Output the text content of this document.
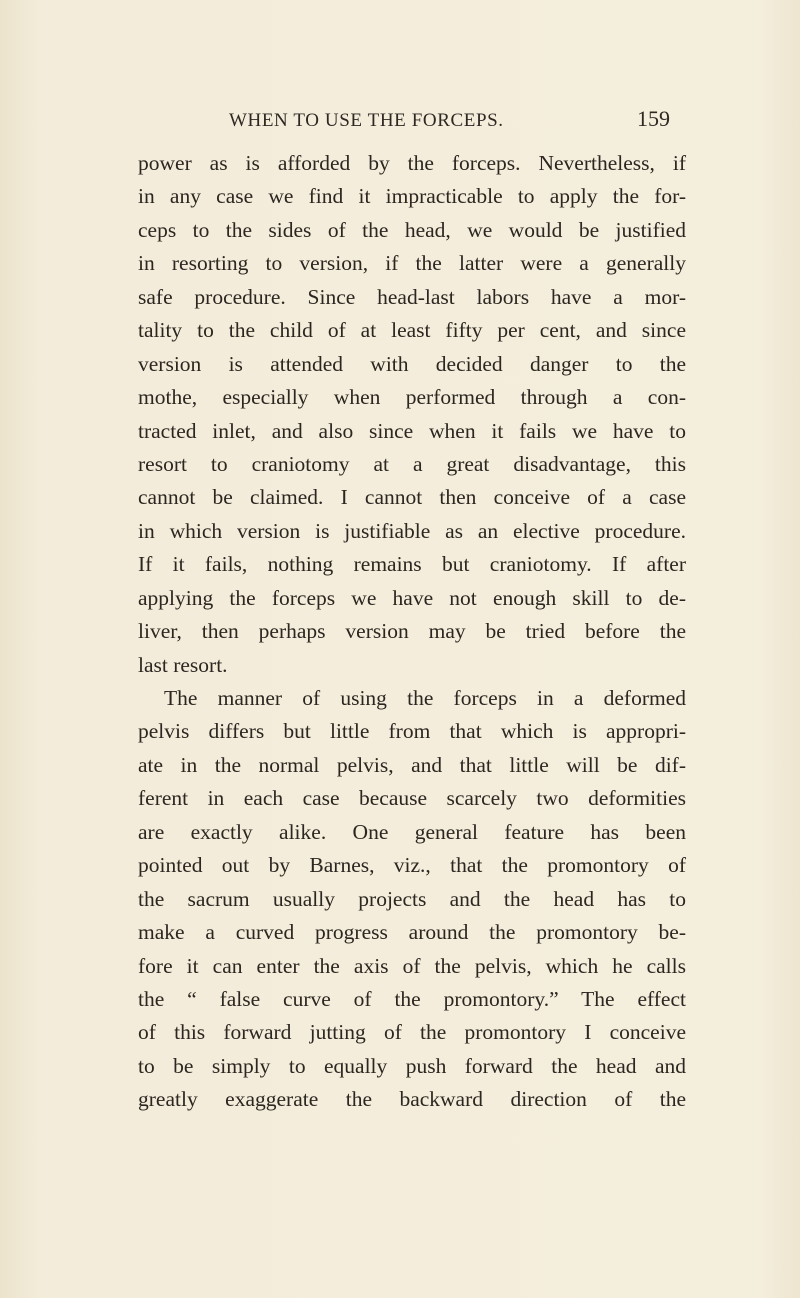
WHEN TO USE THE FORCEPS.	159
power as is afforded by the forceps. Nevertheless, if
in any case we find it impracticable to apply the for-
ceps to the sides of the head, we would be justified
in resorting to version, if the latter were a generally
safe procedure. Since head-last labors have a mor-
tality to the child of at least fifty per cent, and since
version is attended with decided danger to the
mothe, especially when performed through a con-
tracted inlet, and also since when it fails we have to
resort to craniotomy at a great disadvantage, this
cannot be claimed. I cannot then conceive of a case
in which version is justifiable as an elective procedure.
If it fails, nothing remains but craniotomy. If after
applying the forceps we have not enough skill to de-
liver, then perhaps version may be tried before the
last resort.
The manner of using the forceps in a deformed
pelvis differs but little from that which is appropri-
ate in the normal pelvis, and that little will be dif-
ferent in each case because scarcely two deformities
are exactly alike. One general feature has been
pointed out by Barnes, viz., that the promontory of
the sacrum usually projects and the head has to
make a curved progress around the promontory be-
fore it can enter the axis of the pelvis, which he calls
the “ false curve of the promontory.” The effect
of this forward jutting of the promontory I conceive
to be simply to equally push forward the head and
greatly exaggerate the backward direction of the
